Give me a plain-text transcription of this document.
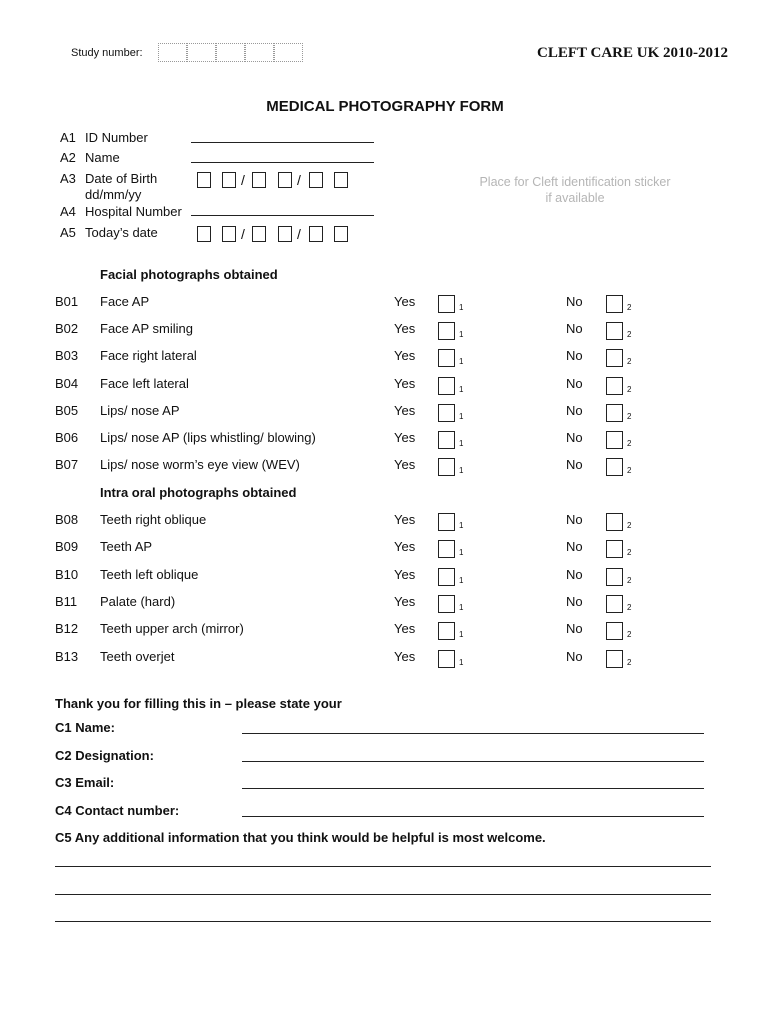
Study number:	CLEFT CARE UK 2010-2012
MEDICAL PHOTOGRAPHY FORM
A1 ID Number
A2 Name
A3 Date of Birth
dd/mm/yy
/	/
A4 Hospital Number
A5 Today’s date	/	/
Place for Cleft identification sticker
if available
Facial photographs obtained
Intra oral photographs obtained
B01 Face AP	Yes	1	No	2
B02 Face AP smiling	Yes	1	No	2
B03 Face right lateral	Yes	1	No	2
B04 Face left lateral	Yes	1	No	2
B05 Lips/ nose AP	Yes	1	No	2
B06 Lips/ nose AP (lips whistling/ blowing)	Yes	1	No	2
B07 Lips/ nose worm’s eye view (WEV)	Yes	1	No	2
B08 Teeth right oblique	Yes	1	No	2
B09 Teeth AP	Yes	1	No	2
B10 Teeth left oblique	Yes	1	No	2
B11 Palate (hard)	Yes	1	No	2
B12 Teeth upper arch (mirror)	Yes	1	No	2
B13 Teeth overjet	Yes	1	No	2
Thank you for filling this in – please state your
C1 Name:
C2 Designation:
C3 Email:
C4 Contact number:
C5 Any additional information that you think would be helpful is most welcome.
